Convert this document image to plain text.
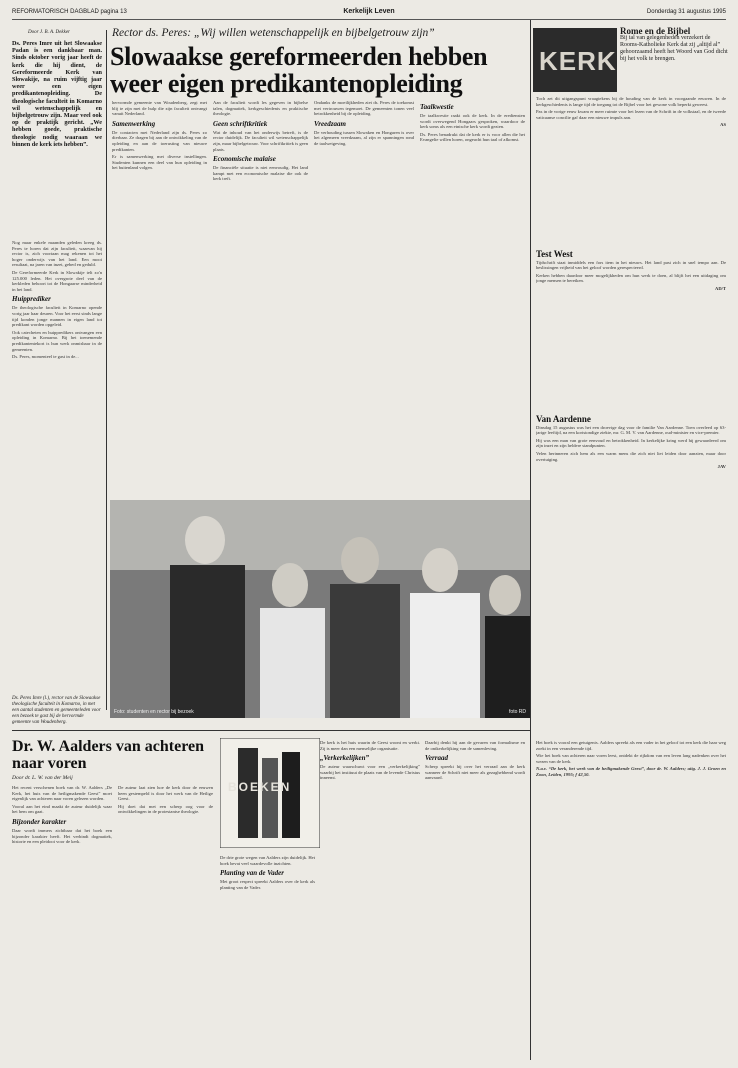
REFORMATORISCH DAGBLAD pagina 13	Kerkelijk Leven	Donderdag 31 augustus 1995
Door J. B. A. Dekker
Ds. Peres Imre uit het Slowaakse Padan is een dankbaar man. Sinds oktober vorig jaar heeft de kerk die hij dient, de Gereformeerde Kerk van Slowakije, na ruim vijftig jaar weer een eigen predikantenopleiding. De theologische faculteit in Komarno wil wetenschappelijk en bijbelgetrouw zijn. Maar veel ook op de praktijk gericht. „We hebben goede, praktische theologie nodig waaraan we binnen de kerk iets hebben”.
Rector ds. Peres: „Wij willen wetenschappelijk en bijbelgetrouw zijn”
Slowaakse gereformeerden hebben weer eigen predikantenopleiding

Nog maar enkele maanden geleden kreeg ds. Peres te horen dat zijn faculteit, waarvan hij rector is, zich voortaan mag rekenen tot het hoger onderwijs van het land. Een mooi resultaat, na jaren van inzet, gebed en geduld.

De Gereformeerde Kerk in Slowakije telt zo'n 125.000 leden. Het overgrote deel van de kerkleden behoort tot de Hongaarse minderheid in het land.

Huipprediker

De theologische faculteit in Komarno opende vorig jaar haar deuren. Voor het eerst sinds lange tijd konden jonge mannen in eigen land tot predikant worden opgeleid.

Ook catecheten en huippredikers ontvangen een opleiding in Komarno. Bij het toenemende predikantentekort is hun werk onmisbaar in de gemeenten.

Ds. Peres, momenteel te gast in de...

hervormde gemeente van Woudenberg, zegt met blij te zijn met de hulp die zijn faculteit ontvangt vanuit Nederland.

Samenwerking

De contacten met Nederland zijn ds. Peres zo dierbaar. Ze dragen bij aan de ontwikkeling van de opleiding en aan de toerusting van nieuwe predikanten.

Er is samenwerking met diverse instellingen. Studenten kunnen een deel van hun opleiding in het buitenland volgen.

Aan de faculteit wordt les gegeven in bijbelse talen, dogmatiek, kerkgeschiedenis en praktische theologie.

Geen schriftkritiek

Wat de inhoud van het onderwijs betreft, is de rector duidelijk. De faculteit wil wetenschappelijk zijn, maar bijbelgetrouw. Voor schriftkritiek is geen plaats.

Economische malaise

De financiële situatie is niet eenvoudig. Het land kampt met een economische malaise die ook de kerk treft.

Ondanks de moeilijkheden ziet ds. Peres de toekomst met vertrouwen tegemoet. De gemeenten tonen veel betrokkenheid bij de opleiding.

Vreedzaam

De verhouding tussen Slowaken en Hongaren is over het algemeen vreedzaam, al zijn er spanningen rond de taalwetgeving.

Taalkwestie

De taalkwestie raakt ook de kerk. In de erediensten wordt overwegend Hongaars gesproken, waardoor de kerk soms als een etnische kerk wordt gezien.

Ds. Peres benadrukt dat de kerk er is voor allen die het Evangelie willen horen, ongeacht hun taal of afkomst.

foto RD
Foto: studenten en rector bij bezoek
Ds. Peres Imre (l.), rector van de Slowaakse theologische faculteit in Komarno, in met een aantal studenten en gemeenteleden voor een bezoek te gast bij de hervormde gemeente van Woudenberg.
KERK
Rome en de Bijbel
Bij tal van gelegenheden verzekert de Rooms-Katholieke Kerk dat zij „altijd al” gehoorzaamd heeft het Woord van God dicht bij het volk te brengen.

Toch zet dit uitgangspunt vraagtekens bij de houding van de kerk in voorgaande eeuwen. In de kerkgeschiedenis is lange tijd de toegang tot de Bijbel voor het gewone volk beperkt geweest.

Pas in de vorige eeuw kwam er meer ruimte voor het lezen van de Schrift in de volkstaal, en de tweede vaticaanse concilie gaf daar een nieuwe impuls aan.

AS

Test West

Tijdschrift staat inmiddels een fors item in het nieuws. Het land past zich in snel tempo aan. De beslissingen vrijheid van het geloof worden gerespecteerd.

Kerken hebben daardoor meer mogelijkheden om hun werk te doen, al blijft het een uitdaging om jonge mensen te bereiken.

AD/T

Van Aardenne

Dinsdag 15 augustus was het een droevige dag voor de familie Van Aardenne. Toen overleed op 63-jarige leeftijd, na een kortstondige ziekte, mr. G. M. V. van Aardenne, oud-minister en vice-premier.

Hij was een man van grote eenvoud en betrokkenheid. In kerkelijke kring werd hij gewaardeerd om zijn inzet en zijn heldere standpunten.

Velen herinneren zich hem als een warm mens die zich niet liet leiden door aanzien, maar door overtuiging.

JAV

Dr. W. Aalders van achteren naar voren
Door dr. L. W. van der Meij
BOEKEN

Het recent verschenen boek van dr. W. Aalders „De Kerk, het huis van de heiligmakende Geest” moet eigenlijk van achteren naar voren gelezen worden.

Vooral aan het eind maakt de auteur duidelijk waar het hem om gaat.

Bijzonder karakter

Daar wordt immers zichtbaar dat het boek een bijzonder karakter heeft. Het verbindt dogmatiek, historie en een pleidooi voor de kerk.

De auteur laat zien hoe de kerk door de eeuwen heen gestempeld is door het werk van de Heilige Geest.

Hij doet dat met een scherp oog voor de ontwikkelingen in de protestantse theologie.

De drie grote wegen van Aalders zijn duidelijk. Het boek bevat veel waardevolle inzichten.

Planting van de Vader

Met groot respect spreekt Aalders over de kerk als planting van de Vader.

De kerk is het huis waarin de Geest woont en werkt. Zij is meer dan een menselijke organisatie.

„Verkerkelijken”

De auteur waarschuwt voor een „verkerkelijking” waarbij het instituut de plaats van de levende Christus inneemt.

Daarbij denkt hij aan de gevaren van formalisme en de ontkerkelijking van de samenleving.

Verraad

Scherp spreekt hij over het verraad aan de kerk wanneer de Schrift niet meer als gezaghebbend wordt aanvaard.

Het boek is vooral een getuigenis. Aalders spreekt als een vader in het geloof tot een kerk die haar weg zoekt in een veranderende tijd.

Wie het boek van achteren naar voren leest, ontdekt de rijkdom van een leven lang nadenken over het wezen van de kerk.

N.a.v. “De kerk, het werk van de heiligmakende Geest”, door dr. W. Aalders; uitg. J. J. Groen en Zoon, Leiden, 1995; f 42,50.
